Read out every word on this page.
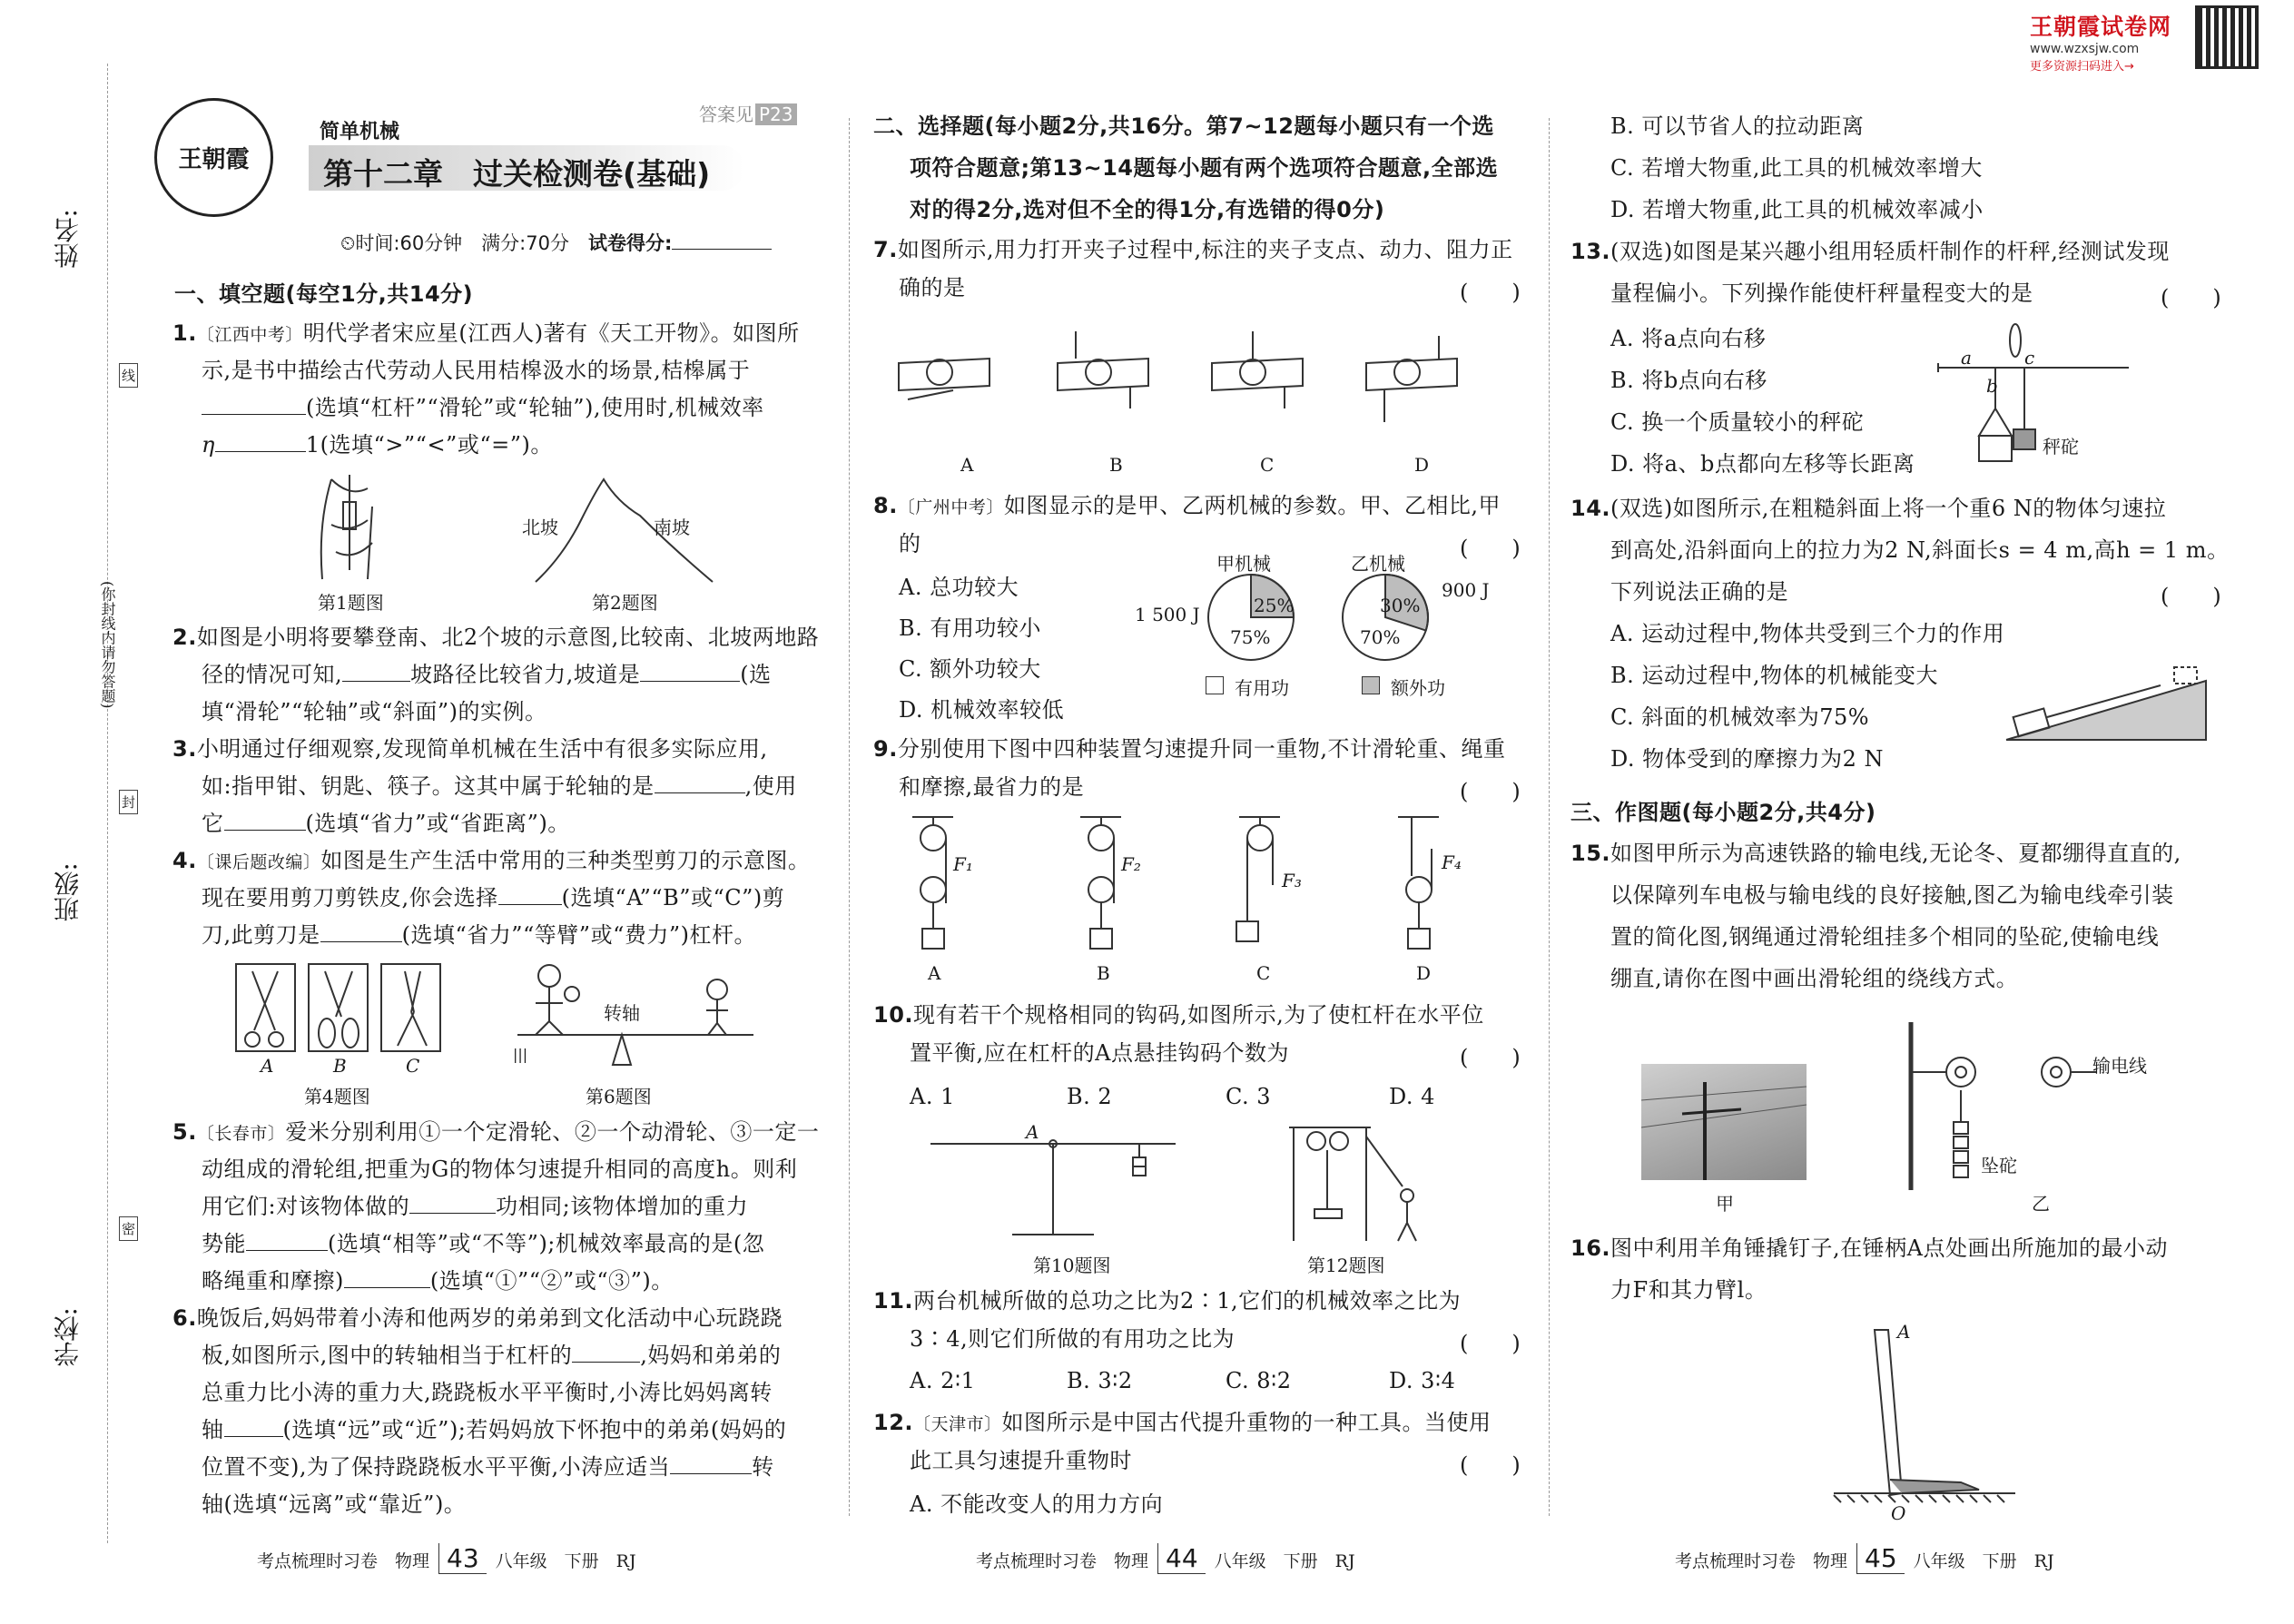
王朝霞试卷网
www.wzxsjw.com
更多资源扫码进入→
姓名:
班级:
学校:
(你封线内请勿答题)
线
封
密
王朝霞
简单机械
第十二章　过关检测卷(基础)
答案见 P23
⏲时间:60分钟　满分:70分　试卷得分:
一、填空题(每空1分,共14分)
1.〔江西中考〕明代学者宋应星(江西人)著有《天工开物》。如图所
示,是书中描绘古代劳动人民用桔槔汲水的场景,桔槔属于
(选填“杠杆”“滑轮”或“轮轴”),使用时,机械效率
η	1(选填“>”“<”或“=”)。
第1题图
北坡	南坡
第2题图
2.如图是小明将要攀登南、北2个坡的示意图,比较南、北坡两地路
径的情况可知,	坡路径比较省力,坡道是	(选
填“滑轮”“轮轴”或“斜面”)的实例。
3.小明通过仔细观察,发现简单机械在生活中有很多实际应用,
如:指甲钳、钥匙、筷子。这其中属于轮轴的是	,使用
它	(选填“省力”或“省距离”)。
4.〔课后题改编〕如图是生产生活中常用的三种类型剪刀的示意图。
现在要用剪刀剪铁皮,你会选择	(选填“A”“B”或“C”)剪
刀,此剪刀是	(选填“省力”“等臂”或“费力”)杠杆。
A	B	C
第4题图
转轴
|||
第6题图
5.〔长春市〕爱米分别利用①一个定滑轮、②一个动滑轮、③一定一
动组成的滑轮组,把重为G的物体匀速提升相同的高度h。则利
用它们:对该物体做的	功相同;该物体增加的重力
势能	(选填“相等”或“不等”);机械效率最高的是(忽
略绳重和摩擦)	(选填“①”“②”或“③”)。
6.晚饭后,妈妈带着小涛和他两岁的弟弟到文化活动中心玩跷跷
板,如图所示,图中的转轴相当于杠杆的	,妈妈和弟弟的
总重力比小涛的重力大,跷跷板水平平衡时,小涛比妈妈离转
轴	(选填“远”或“近”);若妈妈放下怀抱中的弟弟(妈妈的
位置不变),为了保持跷跷板水平平衡,小涛应适当	转
轴(选填“远离”或“靠近”)。
考点梳理时习卷　物理 43 八年级　下册　RJ
二、选择题(每小题2分,共16分。第7~12题每小题只有一个选
项符合题意;第13~14题每小题有两个选项符合题意,全部选
对的得2分,选对但不全的得1分,有选错的得0分)
7.如图所示,用力打开夹子过程中,标注的夹子支点、动力、阻力正
确的是	(　　)
A	B	C	D
8.〔广州中考〕如图显示的是甲、乙两机械的参数。甲、乙相比,甲
的	(　　)
A. 总功较大
B. 有用功较小
C. 额外功较大
D. 机械效率较低
甲机械	乙机械
1 500 J
900 J
25%
75%
30%
70%
有用功	额外功
9.分别使用下图中四种装置匀速提升同一重物,不计滑轮重、绳重
和摩擦,最省力的是	(　　)
F₁	F₂
F₃
F₄
A	B	C	D
10.现有若干个规格相同的钩码,如图所示,为了使杠杆在水平位
置平衡,应在杠杆的A点悬挂钩码个数为	(　　)
A. 1	B. 2	C. 3	D. 4
A
第10题图	第12题图
11.两台机械所做的总功之比为2∶1,它们的机械效率之比为
3∶4,则它们所做的有用功之比为	(　　)
A. 2∶1	B. 3∶2	C. 8∶2	D. 3∶4
12.〔天津市〕如图所示是中国古代提升重物的一种工具。当使用
此工具匀速提升重物时	(　　)
A. 不能改变人的用力方向
考点梳理时习卷　物理 44 八年级　下册　RJ
B. 可以节省人的拉动距离
C. 若增大物重,此工具的机械效率增大
D. 若增大物重,此工具的机械效率减小
13.(双选)如图是某兴趣小组用轻质杆制作的杆秤,经测试发现
量程偏小。下列操作能使杆秤量程变大的是	(　　)
A. 将a点向右移
B. 将b点向右移
C. 换一个质量较小的秤砣
D. 将a、b点都向左移等长距离
a	c
b
秤砣
14.(双选)如图所示,在粗糙斜面上将一个重6 N的物体匀速拉
到高处,沿斜面向上的拉力为2 N,斜面长s = 4 m,高h = 1 m。
下列说法正确的是	(　　)
A. 运动过程中,物体共受到三个力的作用
B. 运动过程中,物体的机械能变大
C. 斜面的机械效率为75%
D. 物体受到的摩擦力为2 N
三、作图题(每小题2分,共4分)
15.如图甲所示为高速铁路的输电线,无论冬、夏都绷得直直的,
以保障列车电极与输电线的良好接触,图乙为输电线牵引装
置的简化图,钢绳通过滑轮组挂多个相同的坠砣,使输电线
绷直,请你在图中画出滑轮组的绕线方式。
甲
输电线
坠砣
乙
16.图中利用羊角锤撬钉子,在锤柄A点处画出所施加的最小动
力F和其力臂l。
A
O
考点梳理时习卷　物理 45 八年级　下册　RJ
